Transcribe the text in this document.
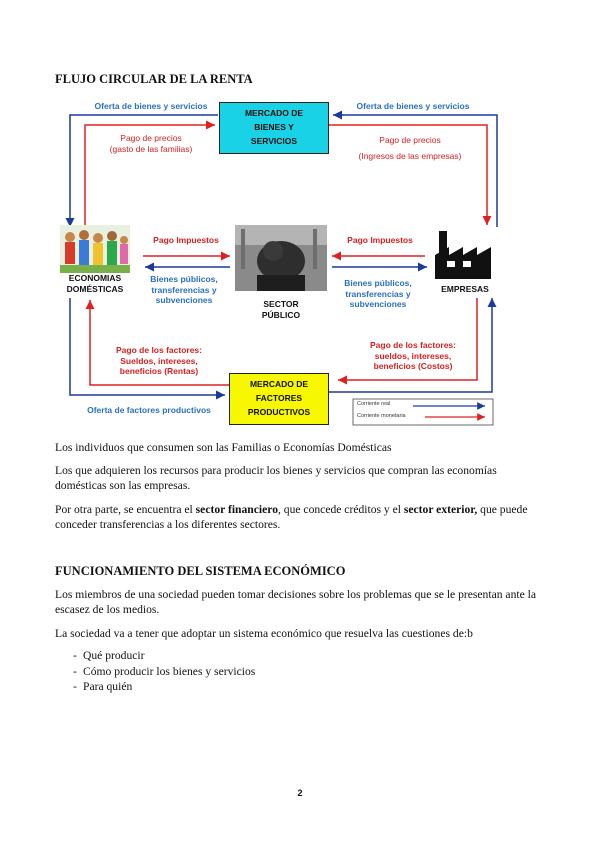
FLUJO CIRCULAR DE LA RENTA
MERCADO DE
BIENES Y
SERVICIOS
MERCADO DE
FACTORES
PRODUCTIVOS
ECONOMIAS
DOMÉSTICAS
SECTOR
PÚBLICO
EMPRESAS
Oferta de bienes y servicios	Oferta de bienes y servicios
Pago de precios
(gasto de las familias)
Pago de precios
(Ingresos de las empresas)
Pago Impuestos	Pago Impuestos
Bienes públicos,
transferencias y
subvenciones
Bienes públicos,
transferencias y
subvenciones
Pago de los factores:
Sueldos, intereses,
beneficios (Rentas)
Pago de los factores:
sueldos, intereses,
beneficios (Costos)
Oferta de factores productivos
Corriente real
Corriente monetaria
Los individuos que consumen son las Familias o Economías Domésticas
Los que adquieren los recursos para producir los bienes y servicios que compran las economías domésticas son las empresas.
Por otra parte, se encuentra el sector financiero, que concede créditos y el sector exterior, que puede conceder transferencias a los diferentes sectores.
FUNCIONAMIENTO DEL SISTEMA ECONÓMICO
Los miembros de una sociedad pueden tomar decisiones sobre los problemas que se le presentan ante la escasez de los medios.
La sociedad va a tener que adoptar un sistema económico que resuelva las cuestiones de:b
- Qué producir
- Cómo producir los bienes y servicios
- Para quién
2
